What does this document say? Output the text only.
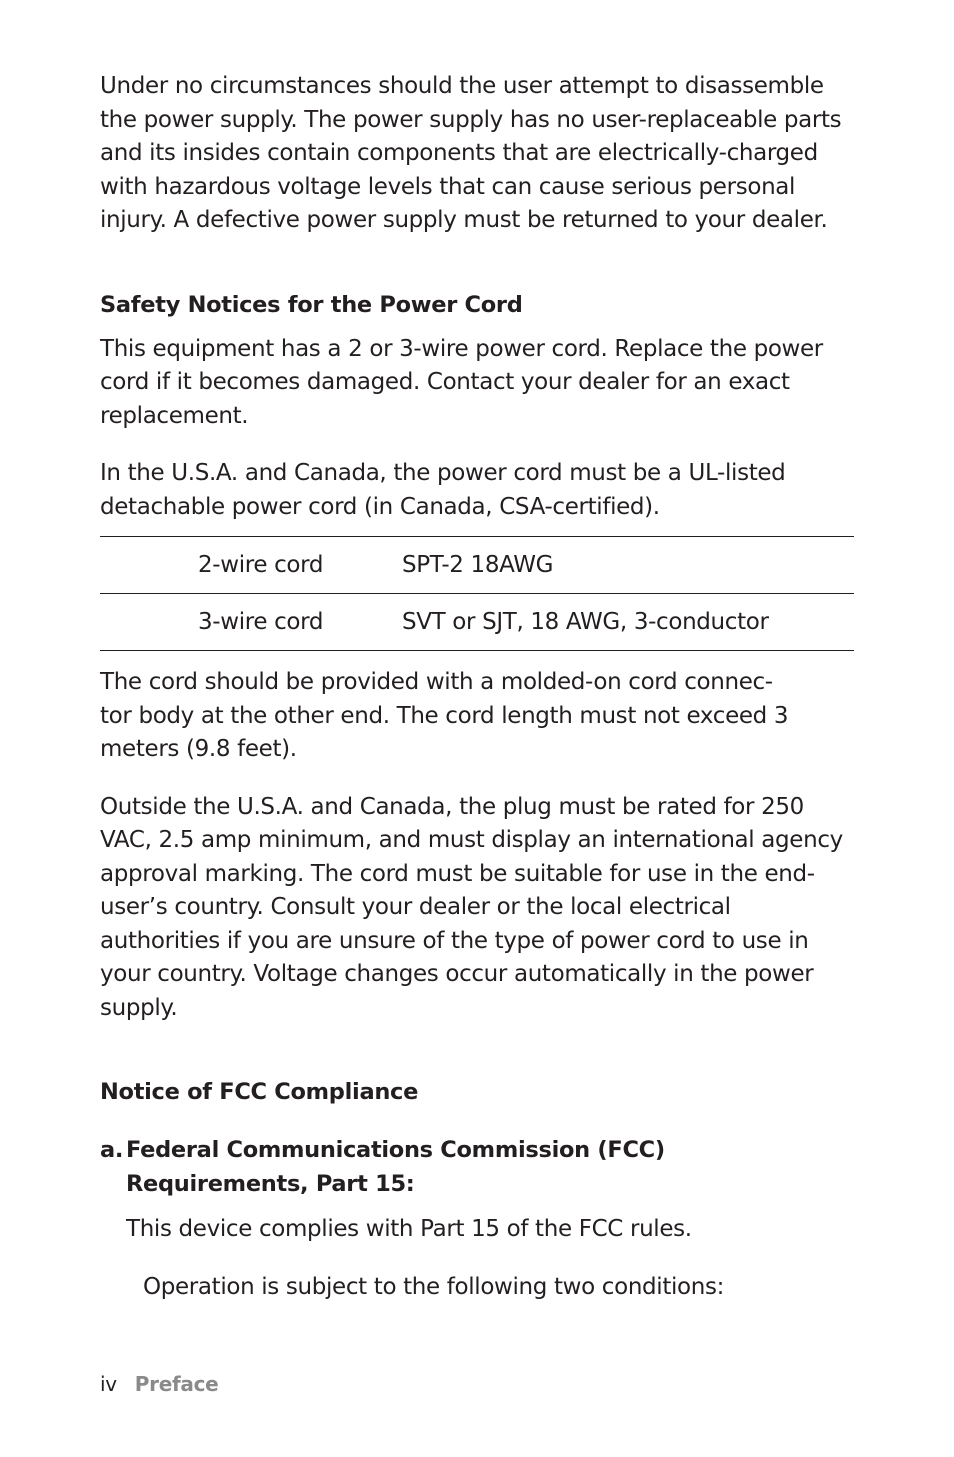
Under no circumstances should the user attempt to disassemble the power supply. The power supply has no user-replaceable parts and its insides contain components that are electrically-charged with hazardous voltage levels that can cause serious personal injury. A defective power supply must be returned to your dealer.

Safety Notices for the Power Cord

This equipment has a 2 or 3-wire power cord. Replace the power cord if it becomes damaged. Contact your dealer for an exact replacement.

In the U.S.A. and Canada, the power cord must be a UL-listed detachable power cord (in Canada, CSA-certified).

2-wire cord	SPT-2 18AWG
3-wire cord	SVT or SJT, 18 AWG, 3-conductor

The cord should be provided with a molded-on cord connec-
tor body at the other end. The cord length must not exceed 3
meters (9.8 feet).

Outside the U.S.A. and Canada, the plug must be rated for 250 VAC, 2.5 amp minimum, and must display an international agency approval marking. The cord must be suitable for use in the end-user’s country. Consult your dealer or the local electrical authorities if you are unsure of the type of power cord to use in your country. Voltage changes occur automatically in the power supply.

Notice of FCC Compliance
a. Federal Communications Commission (FCC) Requirements, Part 15:

This device complies with Part 15 of the FCC rules.

Operation is subject to the following two conditions:

iv Preface
